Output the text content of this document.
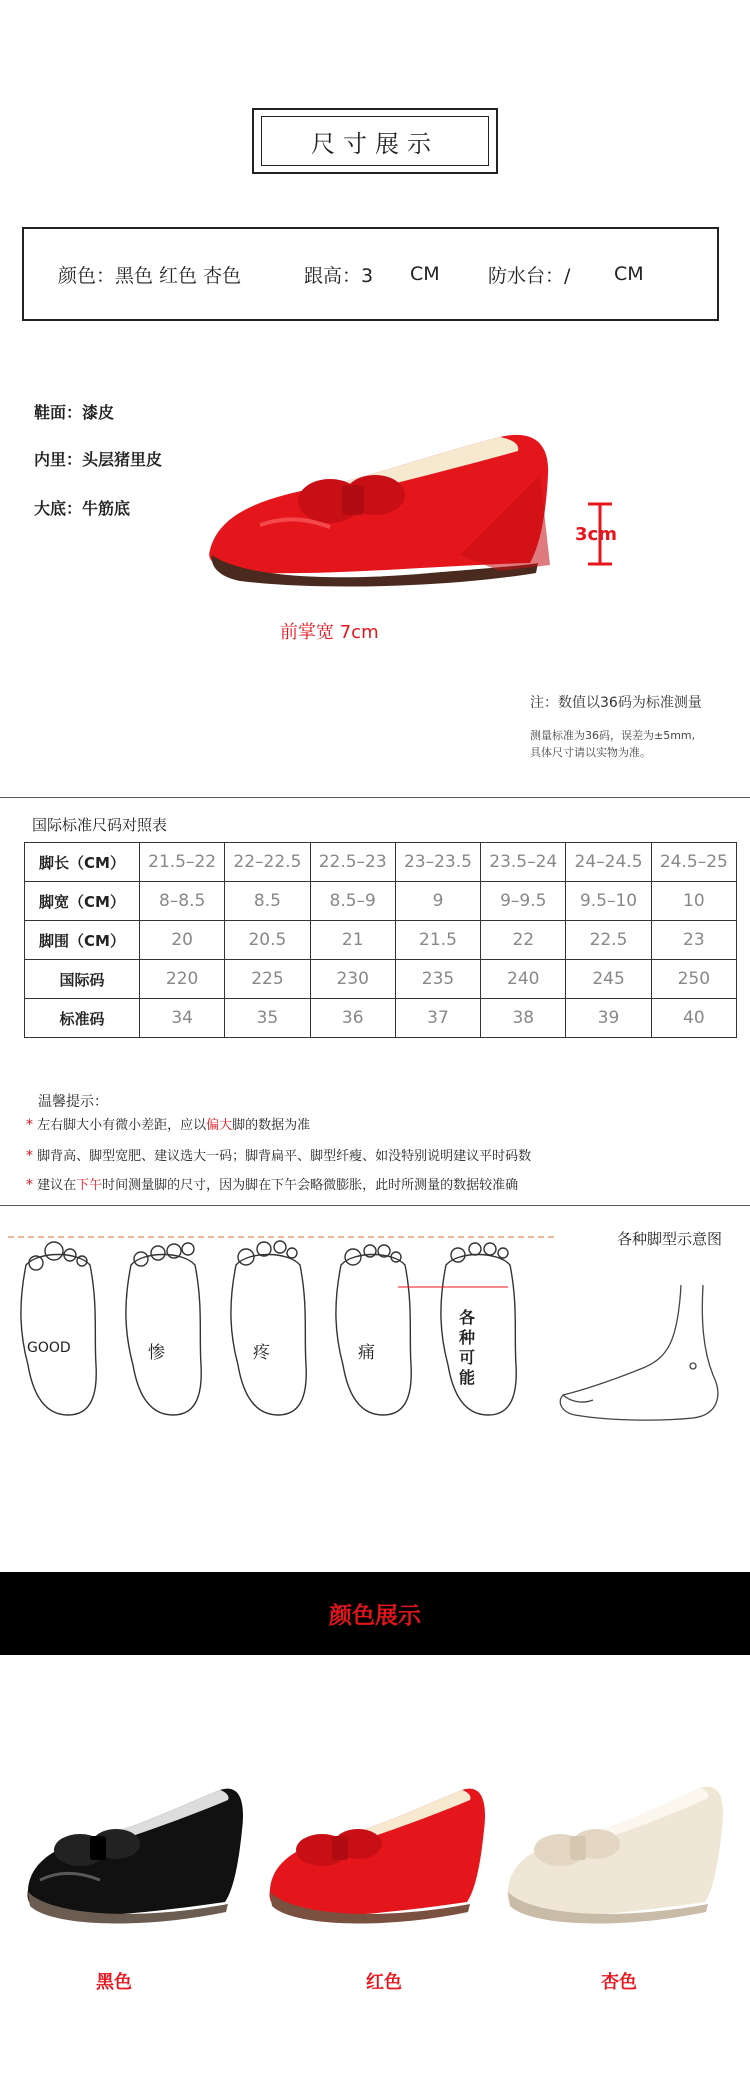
尺寸展示
颜色：黑色 红色 杏色	跟高：3 CM	防水台：/ CM
鞋面：漆皮
内里：头层猪里皮
大底：牛筋底
3cm
前掌宽 7cm
注：数值以36码为标准测量
测量标准为36码，误差为±5mm,
具体尺寸请以实物为准。
国际标准尺码对照表
脚长（CM）	21.5–22	22–22.5	22.5–23	23–23.5	23.5–24	24–24.5	24.5–25
脚宽（CM）	8–8.5	8.5	8.5–9	9	9–9.5	9.5–10	10
脚围（CM）	20	20.5	21	21.5	22	22.5	23
国际码	220	225	230	235	240	245	250
标准码	34	35	36	37	38	39	40
温馨提示：
* 左右脚大小有微小差距，应以偏大脚的数据为准
* 脚背高、脚型宽肥、建议选大一码；脚背扁平、脚型纤瘦、如没特别说明建议平时码数
* 建议在下午时间测量脚的尺寸，因为脚在下午会略微膨胀，此时所测量的数据较准确
各种脚型示意图
GOOD	惨	疼	痛
各种可能
颜色展示
黑色	红色	杏色
